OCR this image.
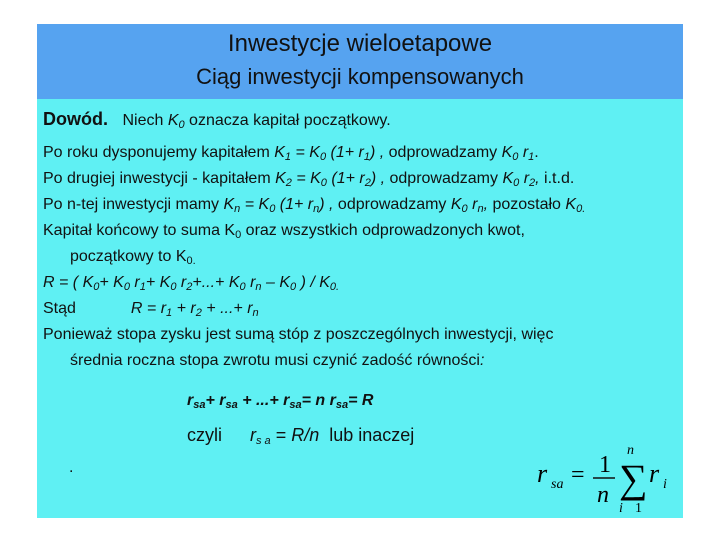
Inwestycje wieloetapowe
Ciąg inwestycji kompensowanych
Dowód. Niech $K_0$ oznacza kapitał początkowy.
Po roku dysponujemy kapitałem $K_1 = K_0$ $(1+ r_1)$ , odprowadzamy $K_0$ $r_1$.
Po drugiej inwestycji - kapitałem $K_2 = K_0$ $(1+ r_2)$ , odprowadzamy $K_0$ $r_2$, i.t.d.
Po n-tej inwestycji mamy $K_n = K_0$ $(1+ r_n)$ , odprowadzamy $K_0$ $r_n$, pozostało $K_{0.}$
Kapitał końcowy to suma $K_0$ oraz wszystkich odprowadzonych kwot,
początkowy to $K_{0.}$
R = ( $K_0+ K_0$ $r_1+ K_0$ $r_2+...+ K_0$ $r_n - K_0$ ) / $K_{0.}$
Stąd	$R = r_1 + r_2$ + ...+ $r_n$
Ponieważ stopa zysku jest sumą stóp z poszczególnych inwestycji, więc
średnia roczna stopa zwrotu musi czynić zadość równości:
$r_{sa}+ r_{sa}$ + ...+ $r_{sa}= n$ $r_{sa}= R$
czyli $r_{s a} = R/n$ lub inaczej
.	r sa = 1
n
n
∑
i 1
r i
